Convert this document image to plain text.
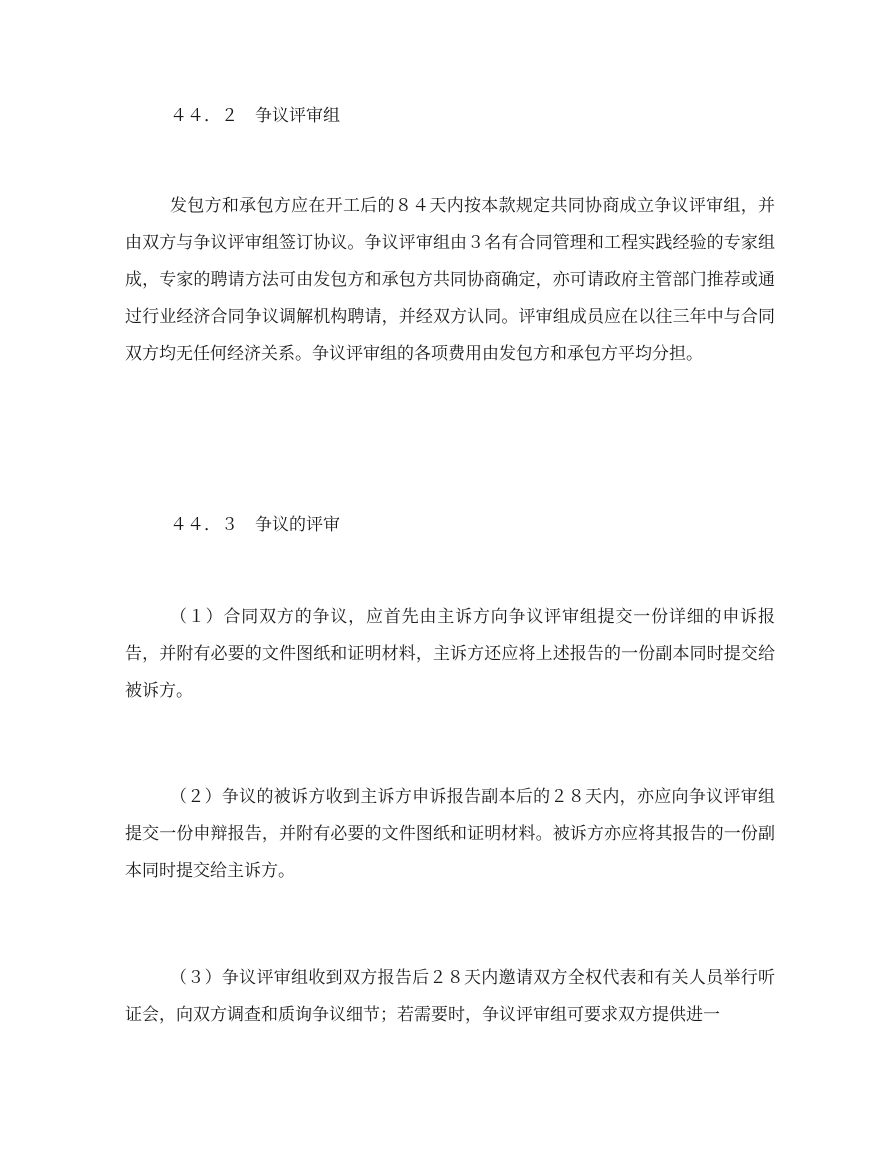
４４．２　争议评审组
发包方和承包方应在开工后的８４天内按本款规定共同协商成立争议评审组，并由双方与争议评审组签订协议。争议评审组由３名有合同管理和工程实践经验的专家组成，专家的聘请方法可由发包方和承包方共同协商确定，亦可请政府主管部门推荐或通过行业经济合同争议调解机构聘请，并经双方认同。评审组成员应在以往三年中与合同双方均无任何经济关系。争议评审组的各项费用由发包方和承包方平均分担。
４４．３　争议的评审
（１）合同双方的争议，应首先由主诉方向争议评审组提交一份详细的申诉报告，并附有必要的文件图纸和证明材料，主诉方还应将上述报告的一份副本同时提交给被诉方。
（２）争议的被诉方收到主诉方申诉报告副本后的２８天内，亦应向争议评审组提交一份申辩报告，并附有必要的文件图纸和证明材料。被诉方亦应将其报告的一份副本同时提交给主诉方。
（３）争议评审组收到双方报告后２８天内邀请双方全权代表和有关人员举行听证会，向双方调查和质询争议细节；若需要时，争议评审组可要求双方提供进一
